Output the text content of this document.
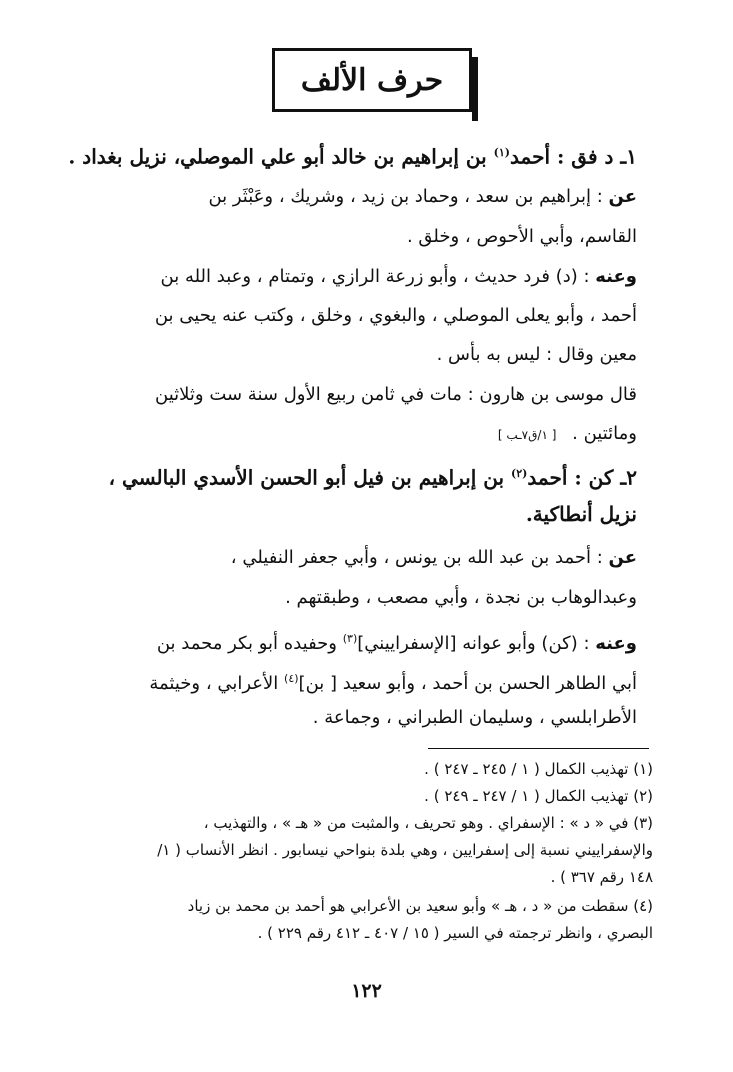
حرف الألف
١ـ د فق : أحمد$^{(١)}$ بن إبراهيم بن خالد أبو علي الموصلي، نزيل بغداد .
عن : إبراهيم بن سعد ، وحماد بن زيد ، وشريك ، وعَبْثَر بن
القاسم، وأبي الأحوص ، وخلق .
وعنه : (د) فرد حديث ، وأبو زرعة الرازي ، وتمتام ، وعبد الله بن
أحمد ، وأبو يعلى الموصلي ، والبغوي ، وخلق ، وكتب عنه يحيى بن
معين وقال : ليس به بأس .
قال موسى بن هارون : مات في ثامن ربيع الأول سنة ست وثلاثين
ومائتين . [ ١/ق٧ـب ]
٢ـ كن : أحمد$^{(٢)}$ بن إبراهيم بن فيل أبو الحسن الأسدي البالسي ،
نزيل أنطاكية.
عن : أحمد بن عبد الله بن يونس ، وأبي جعفر النفيلي ،
وعبدالوهاب بن نجدة ، وأبي مصعب ، وطبقتهم .
وعنه : (كن) وأبو عوانه [الإسفراييني]$^{(٣)}$ وحفيده أبو بكر محمد بن
أبي الطاهر الحسن بن أحمد ، وأبو سعيد [ بن]$^{(٤)}$ الأعرابي ، وخيثمة
الأطرابلسي ، وسليمان الطبراني ، وجماعة .
(١) تهذيب الكمال ( ١ / ٢٤٥ ـ ٢٤٧ ) .
(٢) تهذيب الكمال ( ١ / ٢٤٧ ـ ٢٤٩ ) .
(٣) في « د » : الإسفراي . وهو تحريف ، والمثبت من « هـ » ، والتهذيب ،
والإسفراييني نسبة إلى إسفرايين ، وهي بلدة بنواحي نيسابور . انظر الأنساب ( ١/
١٤٨ رقم ٣٦٧ ) .
(٤) سقطت من « د ، هـ » وأبو سعيد بن الأعرابي هو أحمد بن محمد بن زياد
البصري ، وانظر ترجمته في السير ( ١٥ / ٤٠٧ ـ ٤١٢ رقم ٢٢٩ ) .
١٢٢
